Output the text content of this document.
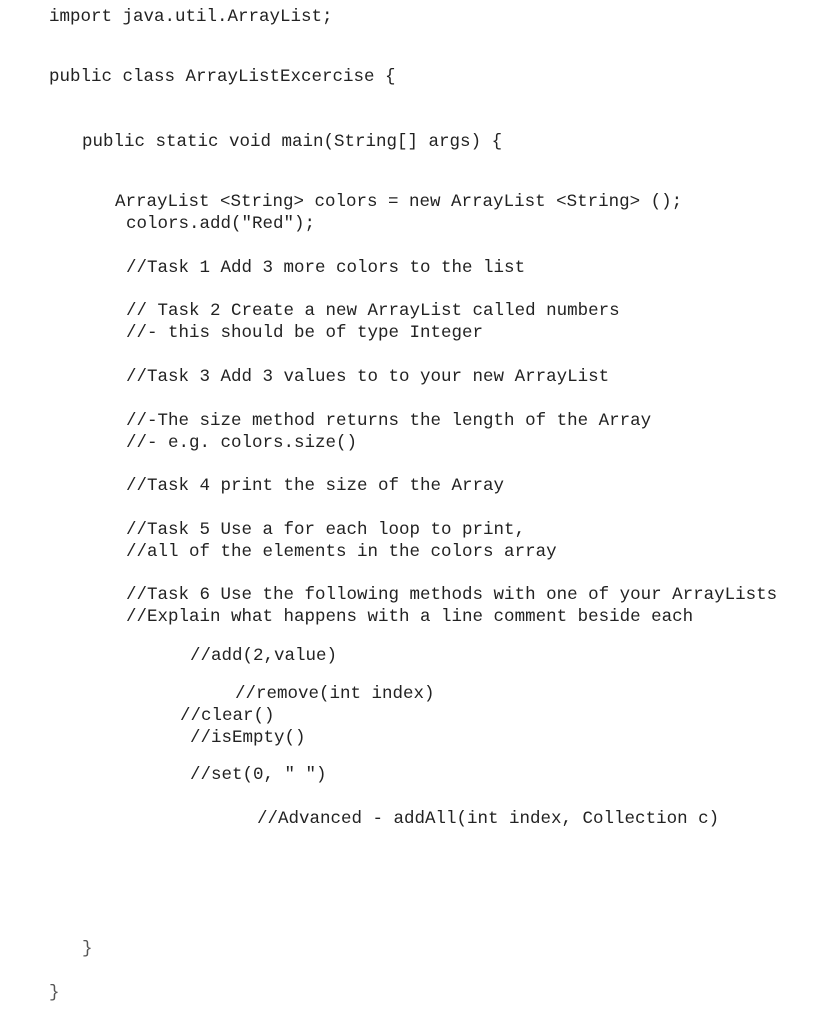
import java.util.ArrayList;
public class ArrayListExcercise {
public static void main(String[] args) {
ArrayList <String> colors = new ArrayList <String> ();
colors.add("Red");
//Task 1 Add 3 more colors to the list
// Task 2 Create a new ArrayList called numbers
//- this should be of type Integer
//Task 3 Add 3 values to to your new ArrayList
//-The size method returns the length of the Array
//- e.g. colors.size()
//Task 4 print the size of the Array
//Task 5 Use a for each loop to print,
//all of the elements in the colors array
//Task 6 Use the following methods with one of your ArrayLists
//Explain what happens with a line comment beside each
//add(2,value)
//remove(int index)
//clear()
//isEmpty()
//set(0, " ")
//Advanced - addAll(int index, Collection c)
}
}
